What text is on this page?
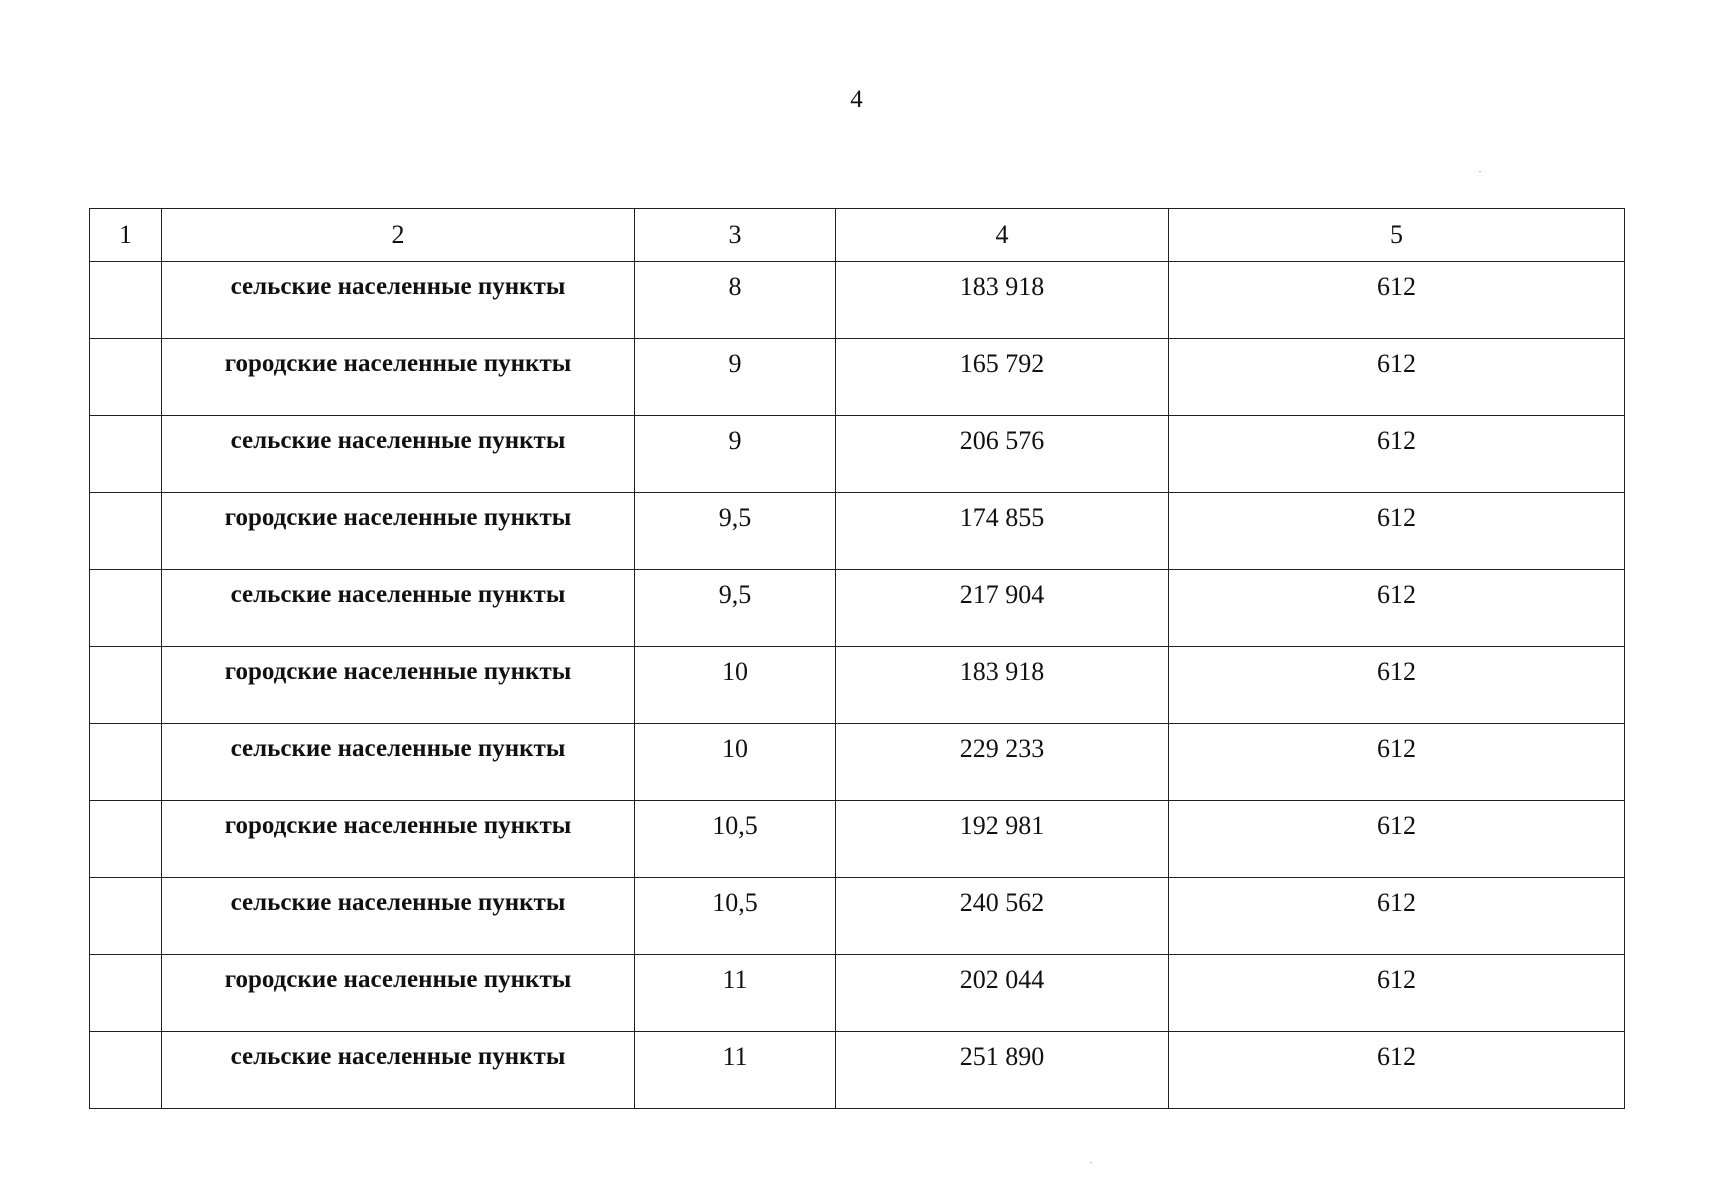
4
1	2	3	4	5
	сельские населенные пункты	8	183 918	612
	городские населенные пункты	9	165 792	612
	сельские населенные пункты	9	206 576	612
	городские населенные пункты	9,5	174 855	612
	сельские населенные пункты	9,5	217 904	612
	городские населенные пункты	10	183 918	612
	сельские населенные пункты	10	229 233	612
	городские населенные пункты	10,5	192 981	612
	сельские населенные пункты	10,5	240 562	612
	городские населенные пункты	11	202 044	612
	сельские населенные пункты	11	251 890	612
